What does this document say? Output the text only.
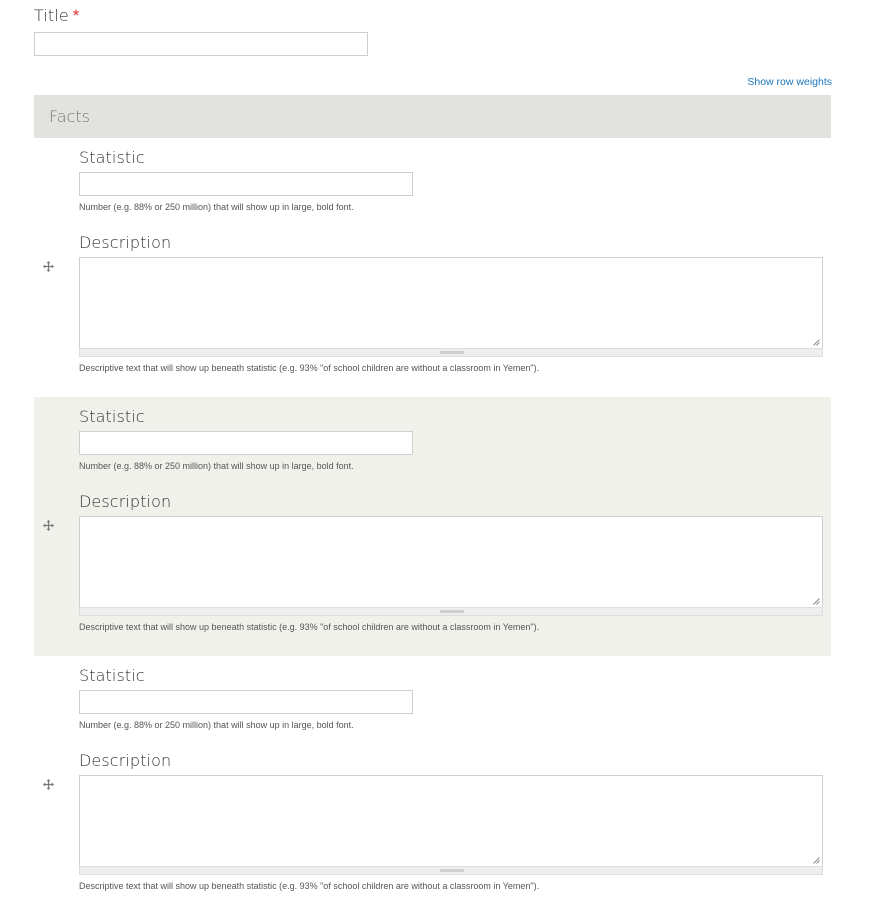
Title *
Show row weights
Facts
Statistic
Number (e.g. 88% or 250 million) that will show up in large, bold font.
Description
Descriptive text that will show up beneath statistic (e.g. 93% "of school children are without a classroom in Yemen").
Statistic
Number (e.g. 88% or 250 million) that will show up in large, bold font.
Description
Descriptive text that will show up beneath statistic (e.g. 93% "of school children are without a classroom in Yemen").
Statistic
Number (e.g. 88% or 250 million) that will show up in large, bold font.
Description
Descriptive text that will show up beneath statistic (e.g. 93% "of school children are without a classroom in Yemen").
